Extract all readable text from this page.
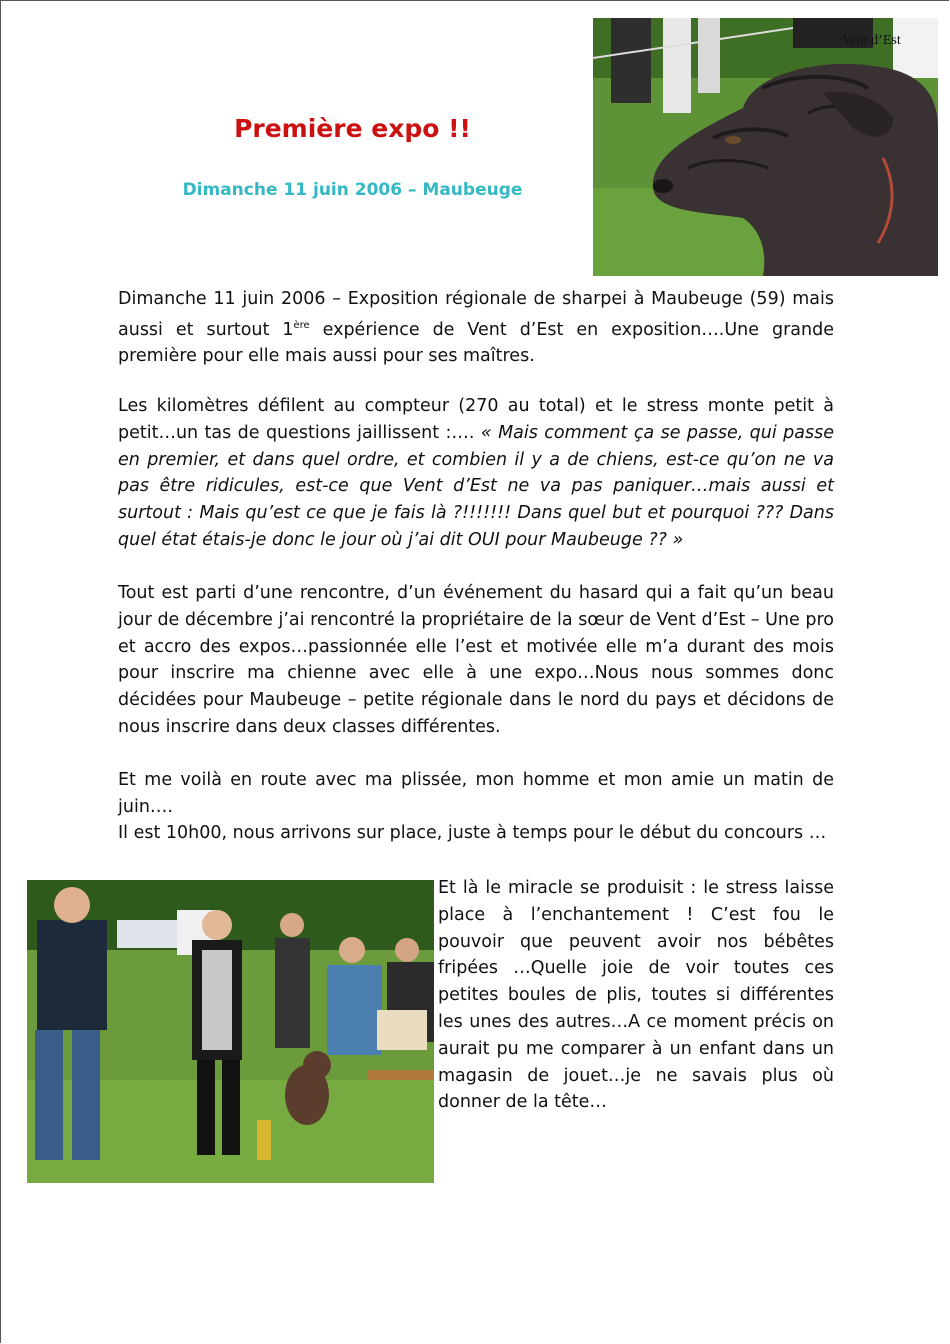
Vent d’Est
Première expo !!
Dimanche 11 juin 2006 – Maubeuge
Dimanche 11 juin 2006 – Exposition régionale de sharpei à Maubeuge (59) mais aussi et surtout 1ère expérience de Vent d’Est en exposition….Une grande première pour elle mais aussi pour ses maîtres.
Les kilomètres défilent au compteur (270 au total) et le stress monte petit à petit…un tas de questions jaillissent :…. « Mais comment ça se passe, qui passe en premier, et dans quel ordre, et combien il y a de chiens, est-ce qu’on ne va pas être ridicules, est-ce que Vent d’Est ne va pas paniquer…mais aussi et surtout : Mais qu’est ce que je fais là ?!!!!!!! Dans quel but et pourquoi ??? Dans quel état étais-je donc le jour où j’ai dit OUI pour Maubeuge ?? »
Tout est parti d’une rencontre, d’un événement du hasard qui a fait qu’un beau jour de décembre j’ai rencontré la propriétaire de la sœur de Vent d’Est – Une pro et accro des expos…passionnée elle l’est et motivée elle m’a durant des mois pour inscrire ma chienne avec elle à une expo…Nous nous sommes donc décidées pour Maubeuge – petite régionale dans le nord du pays et décidons de nous inscrire dans deux classes différentes.
Et me voilà en route avec ma plissée, mon homme et mon amie un matin de juin….
Il est 10h00, nous arrivons sur place, juste à temps pour le début du concours …
Et là le miracle se produisit : le stress laisse place à l’enchantement ! C’est fou le pouvoir que peuvent avoir nos bébêtes fripées …Quelle joie de voir toutes ces petites boules de plis, toutes si différentes les unes des autres…A ce moment précis on aurait pu me comparer à un enfant dans un magasin de jouet…je ne savais plus où donner de la tête…
